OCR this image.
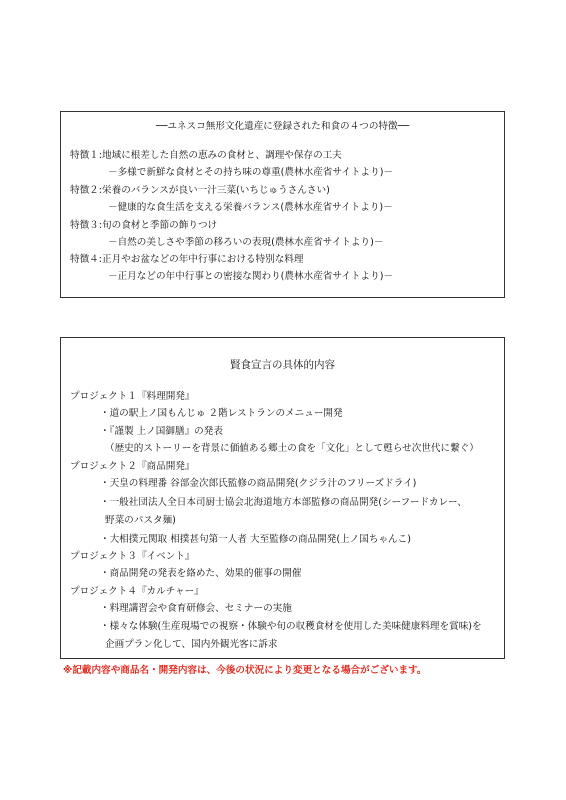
──ユネスコ無形文化遺産に登録された和食の４つの特徴──
特徴１:地域に根差した自然の恵みの食材と、調理や保存の工夫
－多様で新鮮な食材とその持ち味の尊重(農林水産省サイトより)－
特徴２:栄養のバランスが良い一汁三菜(いちじゅうさんさい)
－健康的な食生活を支える栄養バランス(農林水産省サイトより)－
特徴３:旬の食材と季節の飾りつけ
－自然の美しさや季節の移ろいの表現(農林水産省サイトより)－
特徴４:正月やお盆などの年中行事における特別な料理
－正月などの年中行事との密接な関わり(農林水産省サイトより)－
賢食宣言の具体的内容
プロジェクト１『料理開発』
・道の駅上ノ国もんじゅ ２階レストランのメニュー開発
・『謹製 上ノ国御膳』の発表
（歴史的ストーリーを背景に価値ある郷土の食を「文化」として甦らせ次世代に繋ぐ）
プロジェクト２『商品開発』
・天皇の料理番 谷部金次郎氏監修の商品開発(クジラ汁のフリーズドライ)
・一般社団法人全日本司厨士協会北海道地方本部監修の商品開発(シーフードカレー、
野菜のパスタ麺)
・大相撲元関取 相撲甚句第一人者 大至監修の商品開発(上ノ国ちゃんこ)
プロジェクト３『イベント』
・商品開発の発表を絡めた、効果的催事の開催
プロジェクト４『カルチャー』
・料理講習会や食育研修会、セミナーの実施
・様々な体験(生産現場での視察・体験や旬の収穫食材を使用した美味健康料理を賞味)を
企画プラン化して、国内外観光客に訴求
※記載内容や商品名・開発内容は、今後の状況により変更となる場合がございます。
